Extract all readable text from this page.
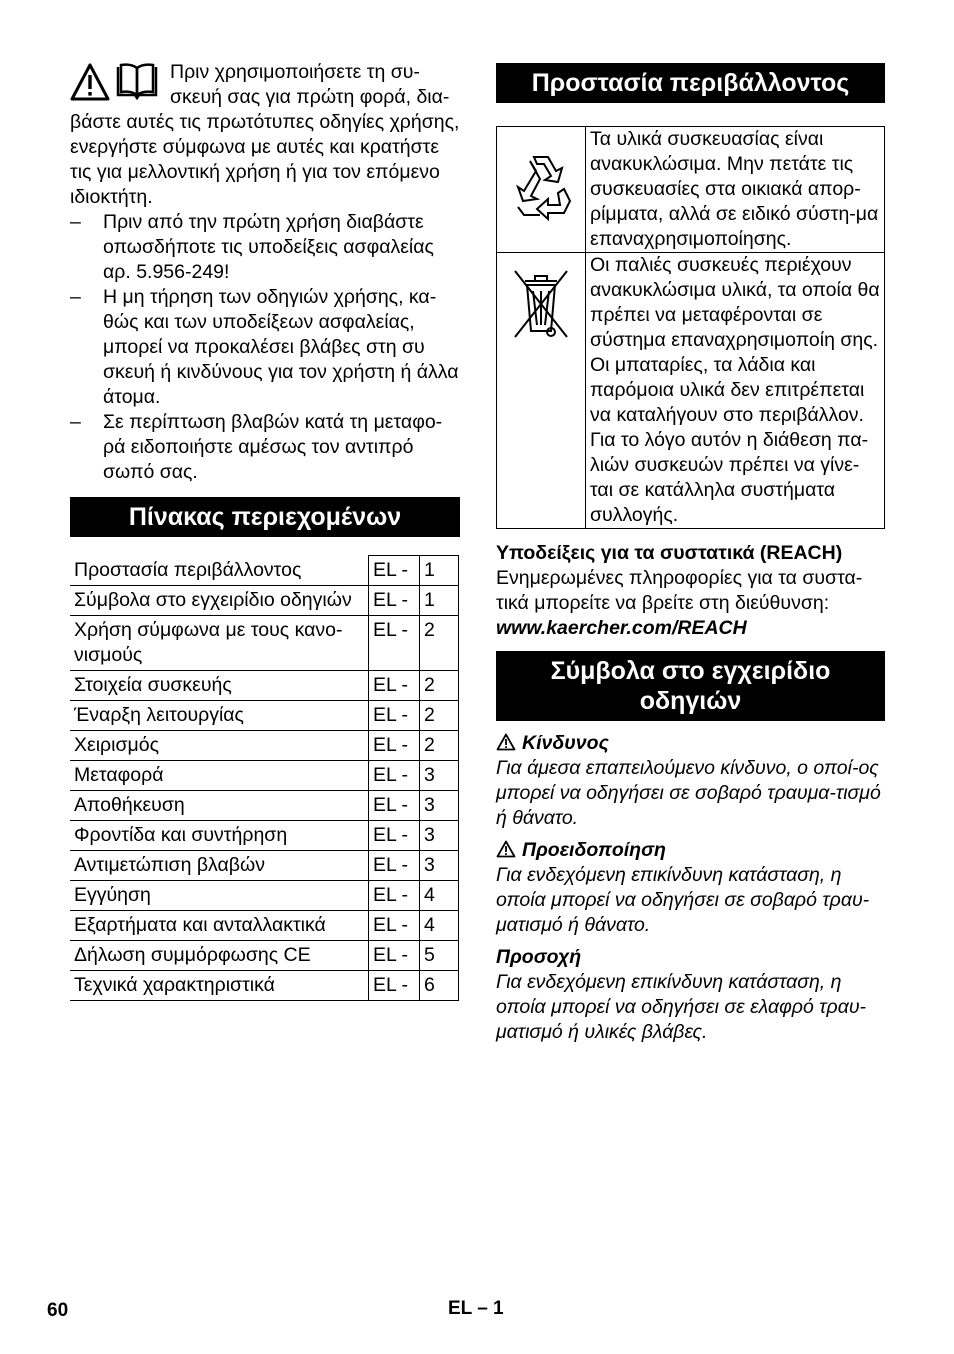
Πριν χρησιμοποιήσετε τη συ-σκευή σας για πρώτη φορά, δια-βάστε αυτές τις πρωτότυπες οδηγίες χρήσης, ενεργήστε σύμφωνα με αυτές και κρατήστε τις για μελλοντική χρήση ή για τον επόμενο ιδιοκτήτη.

– Πριν από την πρώτη χρήση διαβάστε οπωσδήποτε τις υποδείξεις ασφαλείας αρ. 5.956-249!
– Η μη τήρηση των οδηγιών χρήσης, κα-θώς και των υποδείξεων ασφαλείας, μπορεί να προκαλέσει βλάβες στη συ σκευή ή κινδύνους για τον χρήστη ή άλλα άτομα.
– Σε περίπτωση βλαβών κατά τη μεταφο-ρά ειδοποιήστε αμέσως τον αντιπρό σωπό σας.
Πίνακας περιεχομένων
Προστασία περιβάλλοντος	EL -	1
Σύμβολα στο εγχειρίδιο οδηγιών	EL -	1
Χρήση σύμφωνα με τους κανο-νισμούς	EL -	2
Στοιχεία συσκευής	EL -	2
Έναρξη λειτουργίας	EL -	2
Χειρισμός	EL -	2
Μεταφορά	EL -	3
Αποθήκευση	EL -	3
Φροντίδα και συντήρηση	EL -	3
Αντιμετώπιση βλαβών	EL -	3
Εγγύηση	EL -	4
Εξαρτήματα και ανταλλακτικά	EL -	4
Δήλωση συμμόρφωσης CE	EL -	5
Τεχνικά χαρακτηριστικά	EL -	6
Προστασία περιβάλλοντος
	Τα υλικά συσκευασίας είναι ανακυκλώσιμα. Μην πετάτε τις συσκευασίες στα οικιακά απορ-ρίμματα, αλλά σε ειδικό σύστη-μα επαναχρησιμοποίησης.
	Οι παλιές συσκευές περιέχουν ανακυκλώσιμα υλικά, τα οποία θα πρέπει να μεταφέρονται σε σύστημα επαναχρησιμοποίη σης. Οι μπαταρίες, τα λάδια και παρόμοια υλικά δεν επιτρέπεται να καταλήγουν στο περιβάλλον. Για το λόγο αυτόν η διάθεση πα-λιών συσκευών πρέπει να γίνε-ται σε κατάλληλα συστήματα συλλογής.

Υποδείξεις για τα συστατικά (REACH)

Ενημερωμένες πληροφορίες για τα συστα-τικά μπορείτε να βρείτε στη διεύθυνση:

www.kaercher.com/REACH

Σύμβολα στο εγχειρίδιο οδηγιών

Κίνδυνος

Για άμεσα επαπειλούμενο κίνδυνο, ο οποί-ος μπορεί να οδηγήσει σε σοβαρό τραυμα-τισμό ή θάνατο.

Προειδοποίηση

Για ενδεχόμενη επικίνδυνη κατάσταση, η οποία μπορεί να οδηγήσει σε σοβαρό τραυ-ματισμό ή θάνατο.

Προσοχή

Για ενδεχόμενη επικίνδυνη κατάσταση, η οποία μπορεί να οδηγήσει σε ελαφρό τραυ-ματισμό ή υλικές βλάβες.

60	EL – 1
